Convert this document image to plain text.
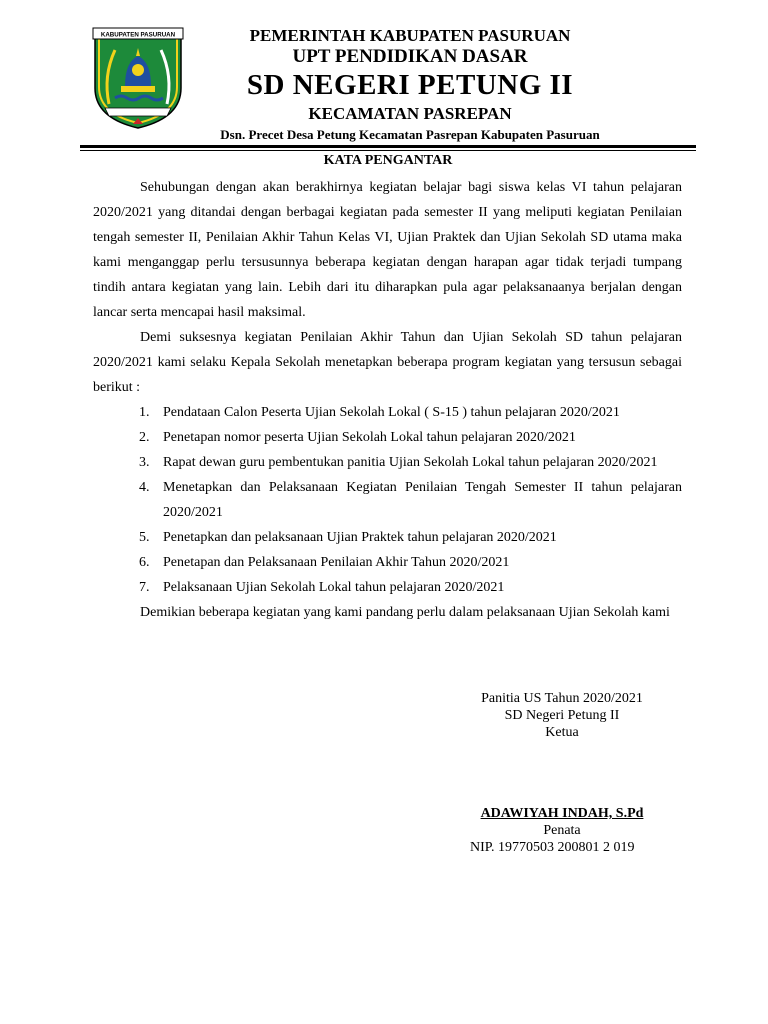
KABUPATEN PASURUAN	PEMERINTAH KABUPATEN PASURUAN
UPT PENDIDIKAN DASAR
SD NEGERI PETUNG II
KECAMATAN PASREPAN
Dsn. Precet Desa Petung Kecamatan Pasrepan Kabupaten Pasuruan
KATA PENGANTAR

Sehubungan dengan akan berakhirnya kegiatan belajar bagi siswa kelas VI tahun pelajaran 2020/2021 yang ditandai dengan berbagai kegiatan pada semester II yang meliputi kegiatan Penilaian tengah semester II, Penilaian Akhir Tahun Kelas VI, Ujian Praktek dan Ujian Sekolah SD utama maka kami menganggap perlu tersusunnya beberapa kegiatan dengan harapan agar tidak terjadi tumpang tindih antara kegiatan yang lain. Lebih dari itu diharapkan pula agar pelaksanaanya berjalan dengan lancar serta mencapai hasil maksimal.

Demi suksesnya kegiatan Penilaian Akhir Tahun dan Ujian Sekolah SD tahun pelajaran 2020/2021 kami selaku Kepala Sekolah menetapkan beberapa program kegiatan yang tersusun sebagai berikut :

1. Pendataan Calon Peserta Ujian Sekolah Lokal ( S-15 ) tahun pelajaran 2020/2021
2. Penetapan nomor peserta Ujian Sekolah Lokal tahun pelajaran 2020/2021
3. Rapat dewan guru pembentukan panitia Ujian Sekolah Lokal tahun pelajaran 2020/2021
4. Menetapkan dan Pelaksanaan Kegiatan Penilaian Tengah Semester II tahun pelajaran 2020/2021
5. Penetapkan dan pelaksanaan Ujian Praktek tahun pelajaran 2020/2021
6. Penetapan dan Pelaksanaan Penilaian Akhir Tahun 2020/2021
7. Pelaksanaan Ujian Sekolah Lokal tahun pelajaran 2020/2021

Demikian beberapa kegiatan yang kami pandang perlu dalam pelaksanaan Ujian Sekolah kami

Panitia US Tahun 2020/2021
SD Negeri Petung II
Ketua
ADAWIYAH INDAH, S.Pd
Penata
NIP. 19770503 200801 2 019
